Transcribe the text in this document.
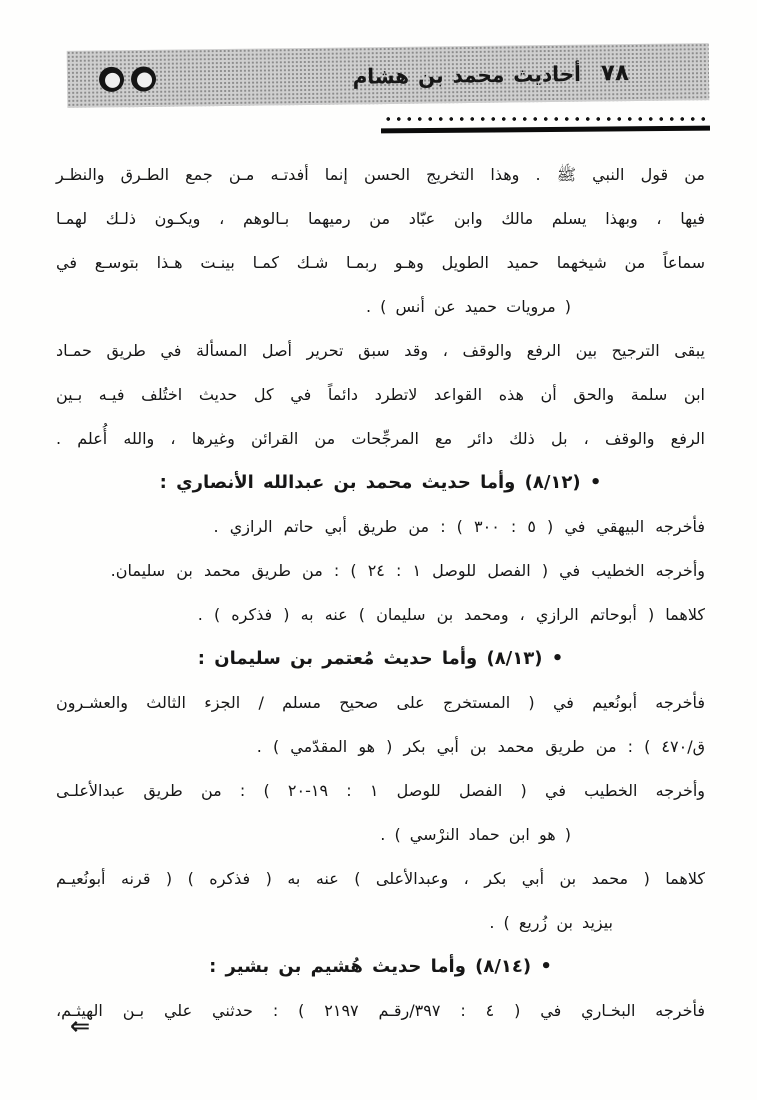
٧٨
أحاديث محمد بن هشام
من قول النبي ﷺ . وهذا التخريج الحسن إنما أفدتـه مـن جمع الطـرق والنظـر
فيها ، وبهذا يسلم مالك وابن عبّاد من رميهما بـالوهم ، ويكـون ذلـك لهمـا
سماعاً من شيخهما حميد الطويل وهـو ربمـا شـك كمـا بينـت هـذا بتوسـع في
( مرويات حميد عن أنس ) .
يبقى الترجيح بين الرفع والوقف ، وقد سبق تحرير أصل المسألة في طريق حمـاد
ابن سلمة والحق أن هذه القواعد لاتطرد دائماً في كل حديث اختُلف فيـه بـين
الرفع والوقف ، بل ذلك دائر مع المرجِّحات من القرائن وغيرها ، والله أُعلم .
• (٨/١٢) وأما حديث محمد بن عبدالله الأنصاري :
فأخرجه البيهقي في ( ٥ : ٣٠٠ ) : من طريق أبي حاتم الرازي .
وأخرجه الخطيب في ( الفصل للوصل ١ : ٢٤ ) : من طريق محمد بن سليمان.
كلاهما ( أبوحاتم الرازي ، ومحمد بن سليمان ) عنه به ( فذكره ) .
• (٨/١٣) وأما حديث مُعتمر بن سليمان :
فأخرجه أبونُعيم في ( المستخرج على صحيح مسلم / الجزء الثالث والعشـرون
ق/٤٧٠ ) : من طريق محمد بن أبي بكر ( هو المقدّمي ) .
وأخرجه الخطيب في ( الفصل للوصل ١ : ١٩-٢٠ ) : من طريق عبدالأعلـى
( هو ابن حماد النرْسي ) .
كلاهما ( محمد بن أبي بكر ، وعبدالأعلى ) عنه به ( فذكره ) ( قرنه أبونُعيـم
بيزيد بن زُريع ) .
• (٨/١٤) وأما حديث هُشيم بن بشير :
فأخرجه البخـاري في ( ٤ : ٣٩٧/رقـم ٢١٩٧ ) : حدثني علي بـن الهيثـم،
⇐
